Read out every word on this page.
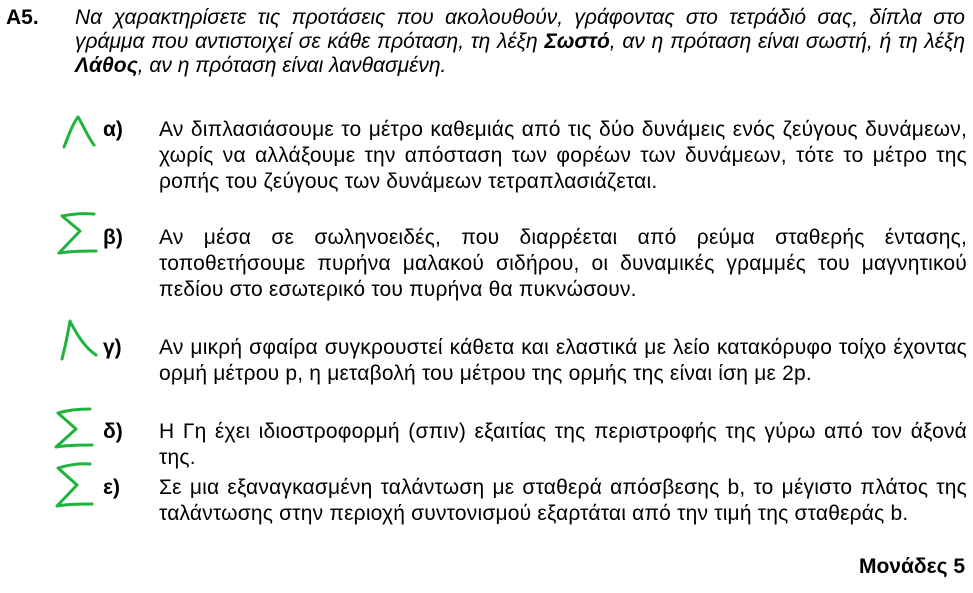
Α5. Να χαρακτηρίσετε τις προτάσεις που ακολουθούν, γράφοντας στο τετράδιό σας, δίπλα στο γράμμα που αντιστοιχεί σε κάθε πρόταση, τη λέξη Σωστό, αν η πρόταση είναι σωστή, ή τη λέξη Λάθος, αν η πρόταση είναι λανθασμένη.
α) Αν διπλασιάσουμε το μέτρο καθεμιάς από τις δύο δυνάμεις ενός ζεύγους δυνάμεων, χωρίς να αλλάξουμε την απόσταση των φορέων των δυνάμεων, τότε το μέτρο της ροπής του ζεύγους των δυνάμεων τετραπλασιάζεται.
β) Αν μέσα σε σωληνοειδές, που διαρρέεται από ρεύμα σταθερής έντασης, τοποθετήσουμε πυρήνα μαλακού σιδήρου, οι δυναμικές γραμμές του μαγνητικού πεδίου στο εσωτερικό του πυρήνα θα πυκνώσουν.
γ) Αν μικρή σφαίρα συγκρουστεί κάθετα και ελαστικά με λείο κατακόρυφο τοίχο έχοντας ορμή μέτρου p, η μεταβολή του μέτρου της ορμής της είναι ίση με 2p.
δ) Η Γη έχει ιδιοστροφορμή (σπιν) εξαιτίας της περιστροφής της γύρω από τον άξονά της.
ε) Σε μια εξαναγκασμένη ταλάντωση με σταθερά απόσβεσης b, το μέγιστο πλάτος της ταλάντωσης στην περιοχή συντονισμού εξαρτάται από την τιμή της σταθεράς b.
Μονάδες 5
